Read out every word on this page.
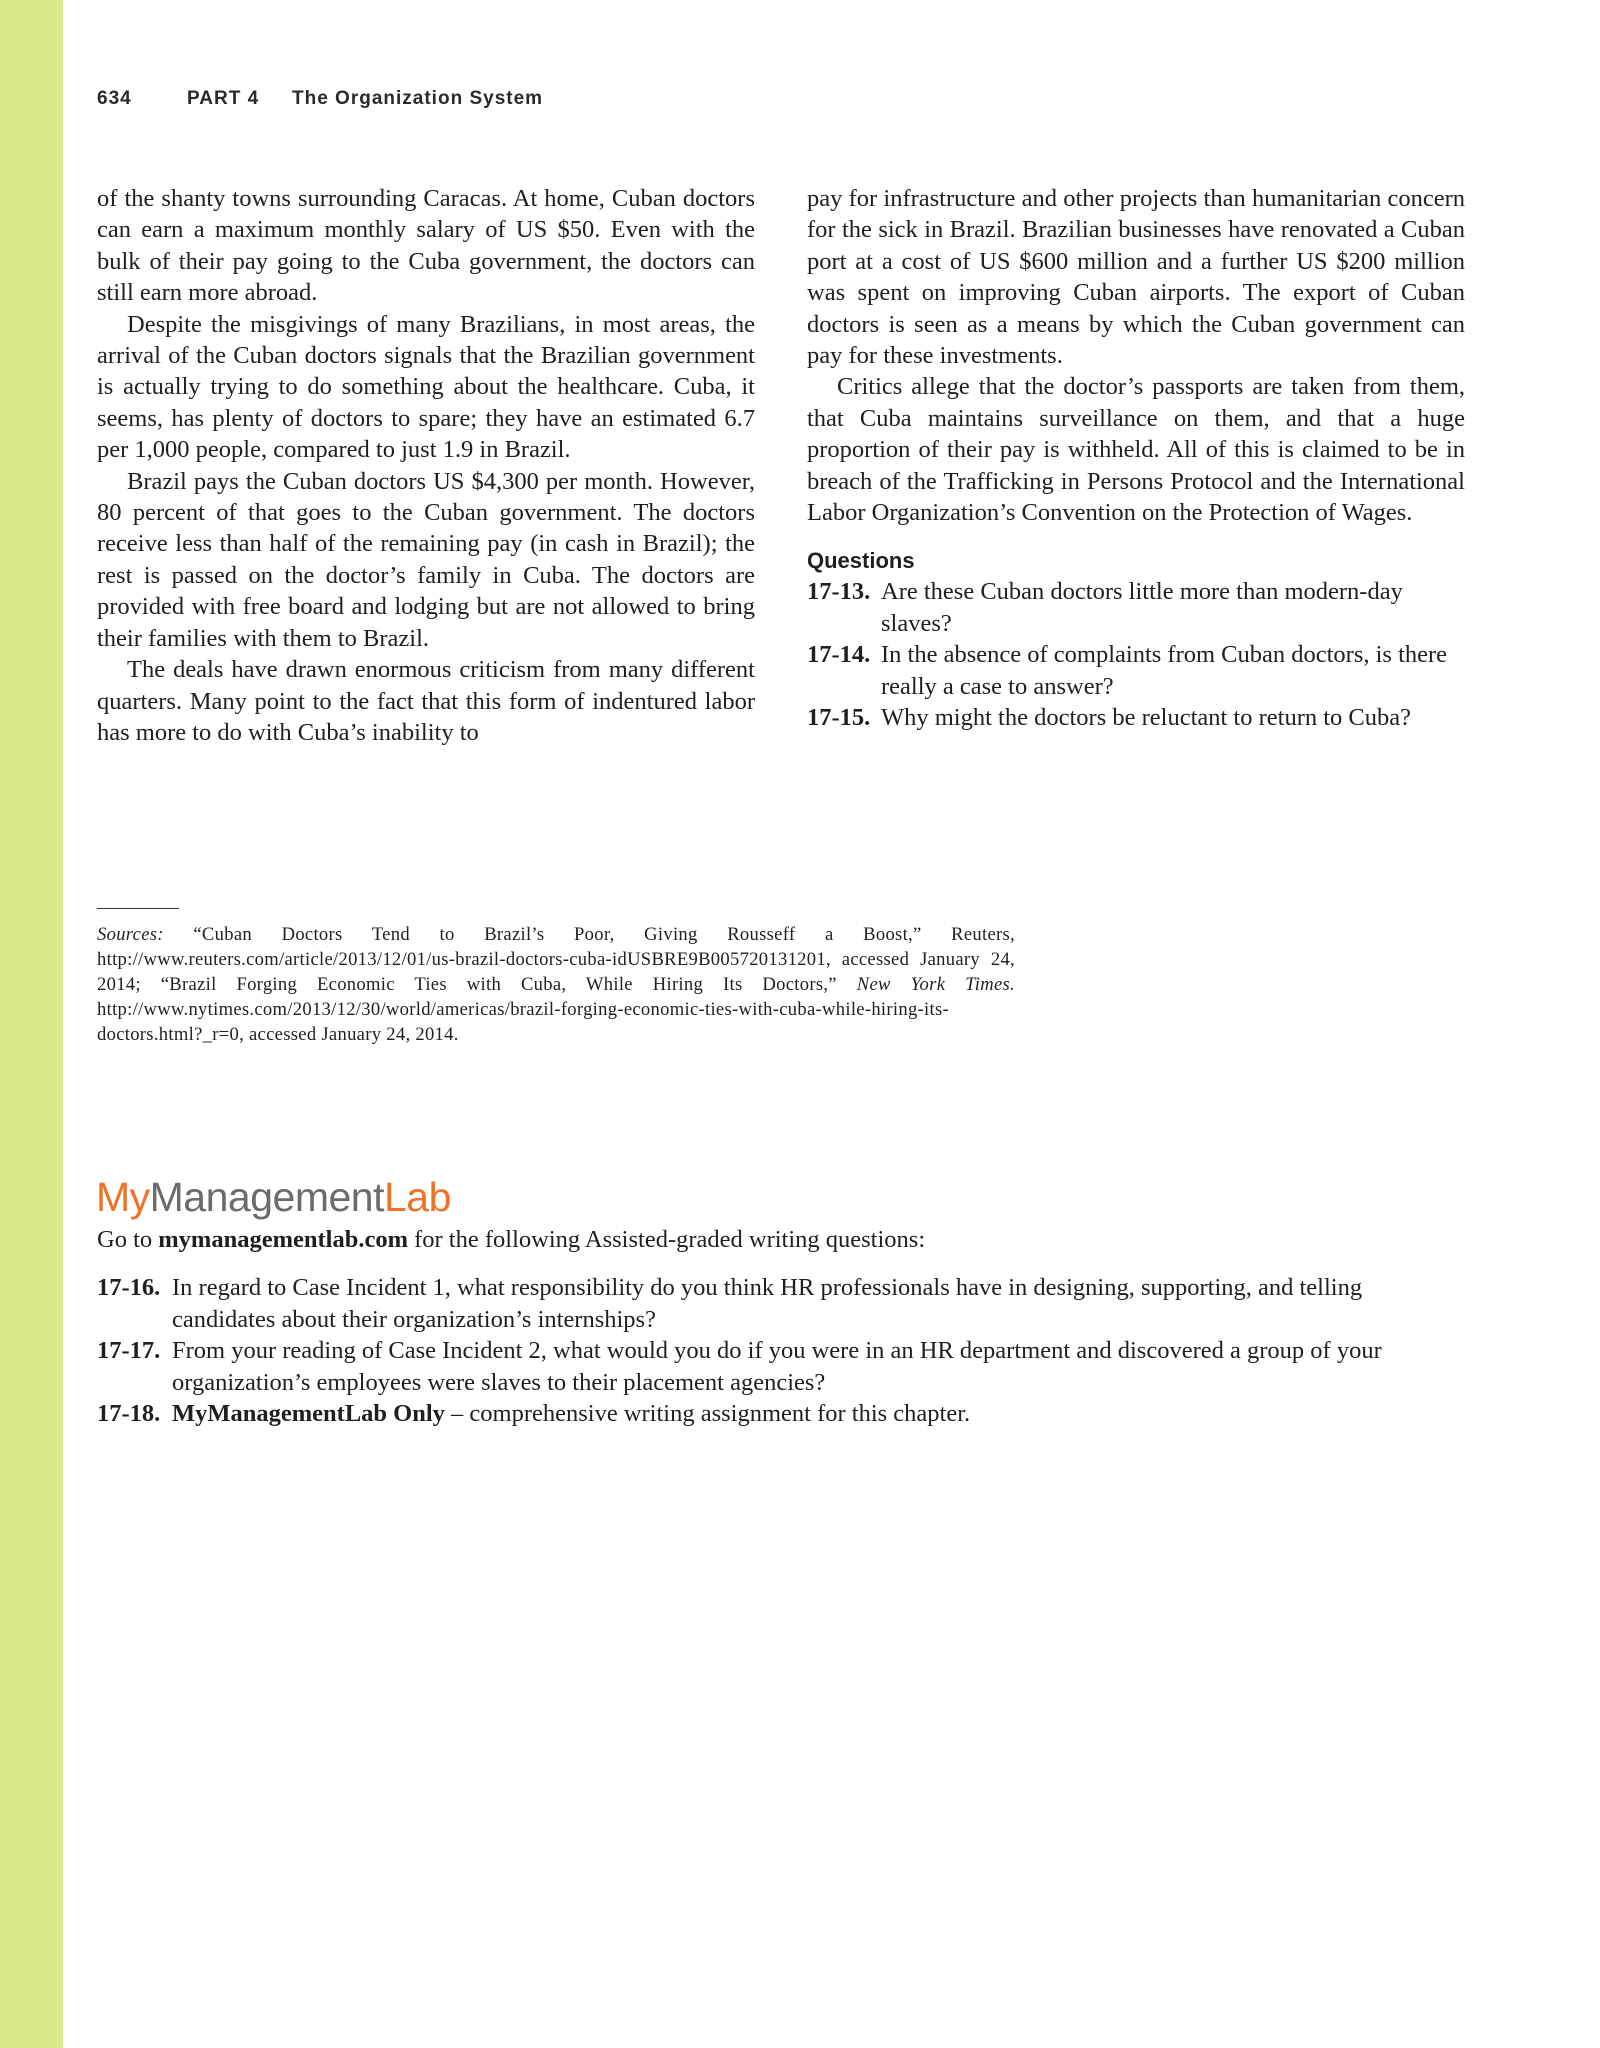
634	PART 4 The Organization System

of the shanty towns surrounding Caracas. At home, Cuban doctors can earn a maximum monthly salary of US $50. Even with the bulk of their pay going to the Cuba government, the doctors can still earn more abroad.

Despite the misgivings of many Brazilians, in most areas, the arrival of the Cuban doctors signals that the Brazilian government is actually trying to do something about the healthcare. Cuba, it seems, has plenty of doctors to spare; they have an estimated 6.7 per 1,000 people, compared to just 1.9 in Brazil.

Brazil pays the Cuban doctors US $4,300 per month. However, 80 percent of that goes to the Cuban government. The doctors receive less than half of the remaining pay (in cash in Brazil); the rest is passed on the doctor’s family in Cuba. The doctors are provided with free board and lodging but are not allowed to bring their families with them to Brazil.

The deals have drawn enormous criticism from many different quarters. Many point to the fact that this form of indentured labor has more to do with Cuba’s inability to

pay for infrastructure and other projects than humanitarian concern for the sick in Brazil. Brazilian businesses have renovated a Cuban port at a cost of US $600 million and a further US $200 million was spent on improving Cuban airports. The export of Cuban doctors is seen as a means by which the Cuban government can pay for these investments.

Critics allege that the doctor’s passports are taken from them, that Cuba maintains surveillance on them, and that a huge proportion of their pay is withheld. All of this is claimed to be in breach of the Trafficking in Persons Protocol and the International Labor Organization’s Convention on the Protection of Wages.

Questions
17-13. Are these Cuban doctors little more than modern-day slaves?
17-14. In the absence of complaints from Cuban doctors, is there really a case to answer?
17-15. Why might the doctors be reluctant to return to Cuba?
Sources: “Cuban Doctors Tend to Brazil’s Poor, Giving Rousseff a Boost,” Reuters, http://www.reuters.com/article/2013/12/01/us-brazil-doctors-cuba-idUSBRE9B005720131201, accessed January 24, 2014; “Brazil Forging Economic Ties with Cuba, While Hiring Its Doctors,” New York Times. http://www.nytimes.com/2013/12/30/world/americas/brazil-forging-economic-ties-with-cuba-while-hiring-its-doctors.html?_r=0, accessed January 24, 2014.
MyManagementLab
Go to mymanagementlab.com for the following Assisted-graded writing questions:
17-16. In regard to Case Incident 1, what responsibility do you think HR professionals have in designing, supporting, and telling candidates about their organization’s internships?
17-17. From your reading of Case Incident 2, what would you do if you were in an HR department and discovered a group of your organization’s employees were slaves to their placement agencies?
17-18. MyManagementLab Only – comprehensive writing assignment for this chapter.
